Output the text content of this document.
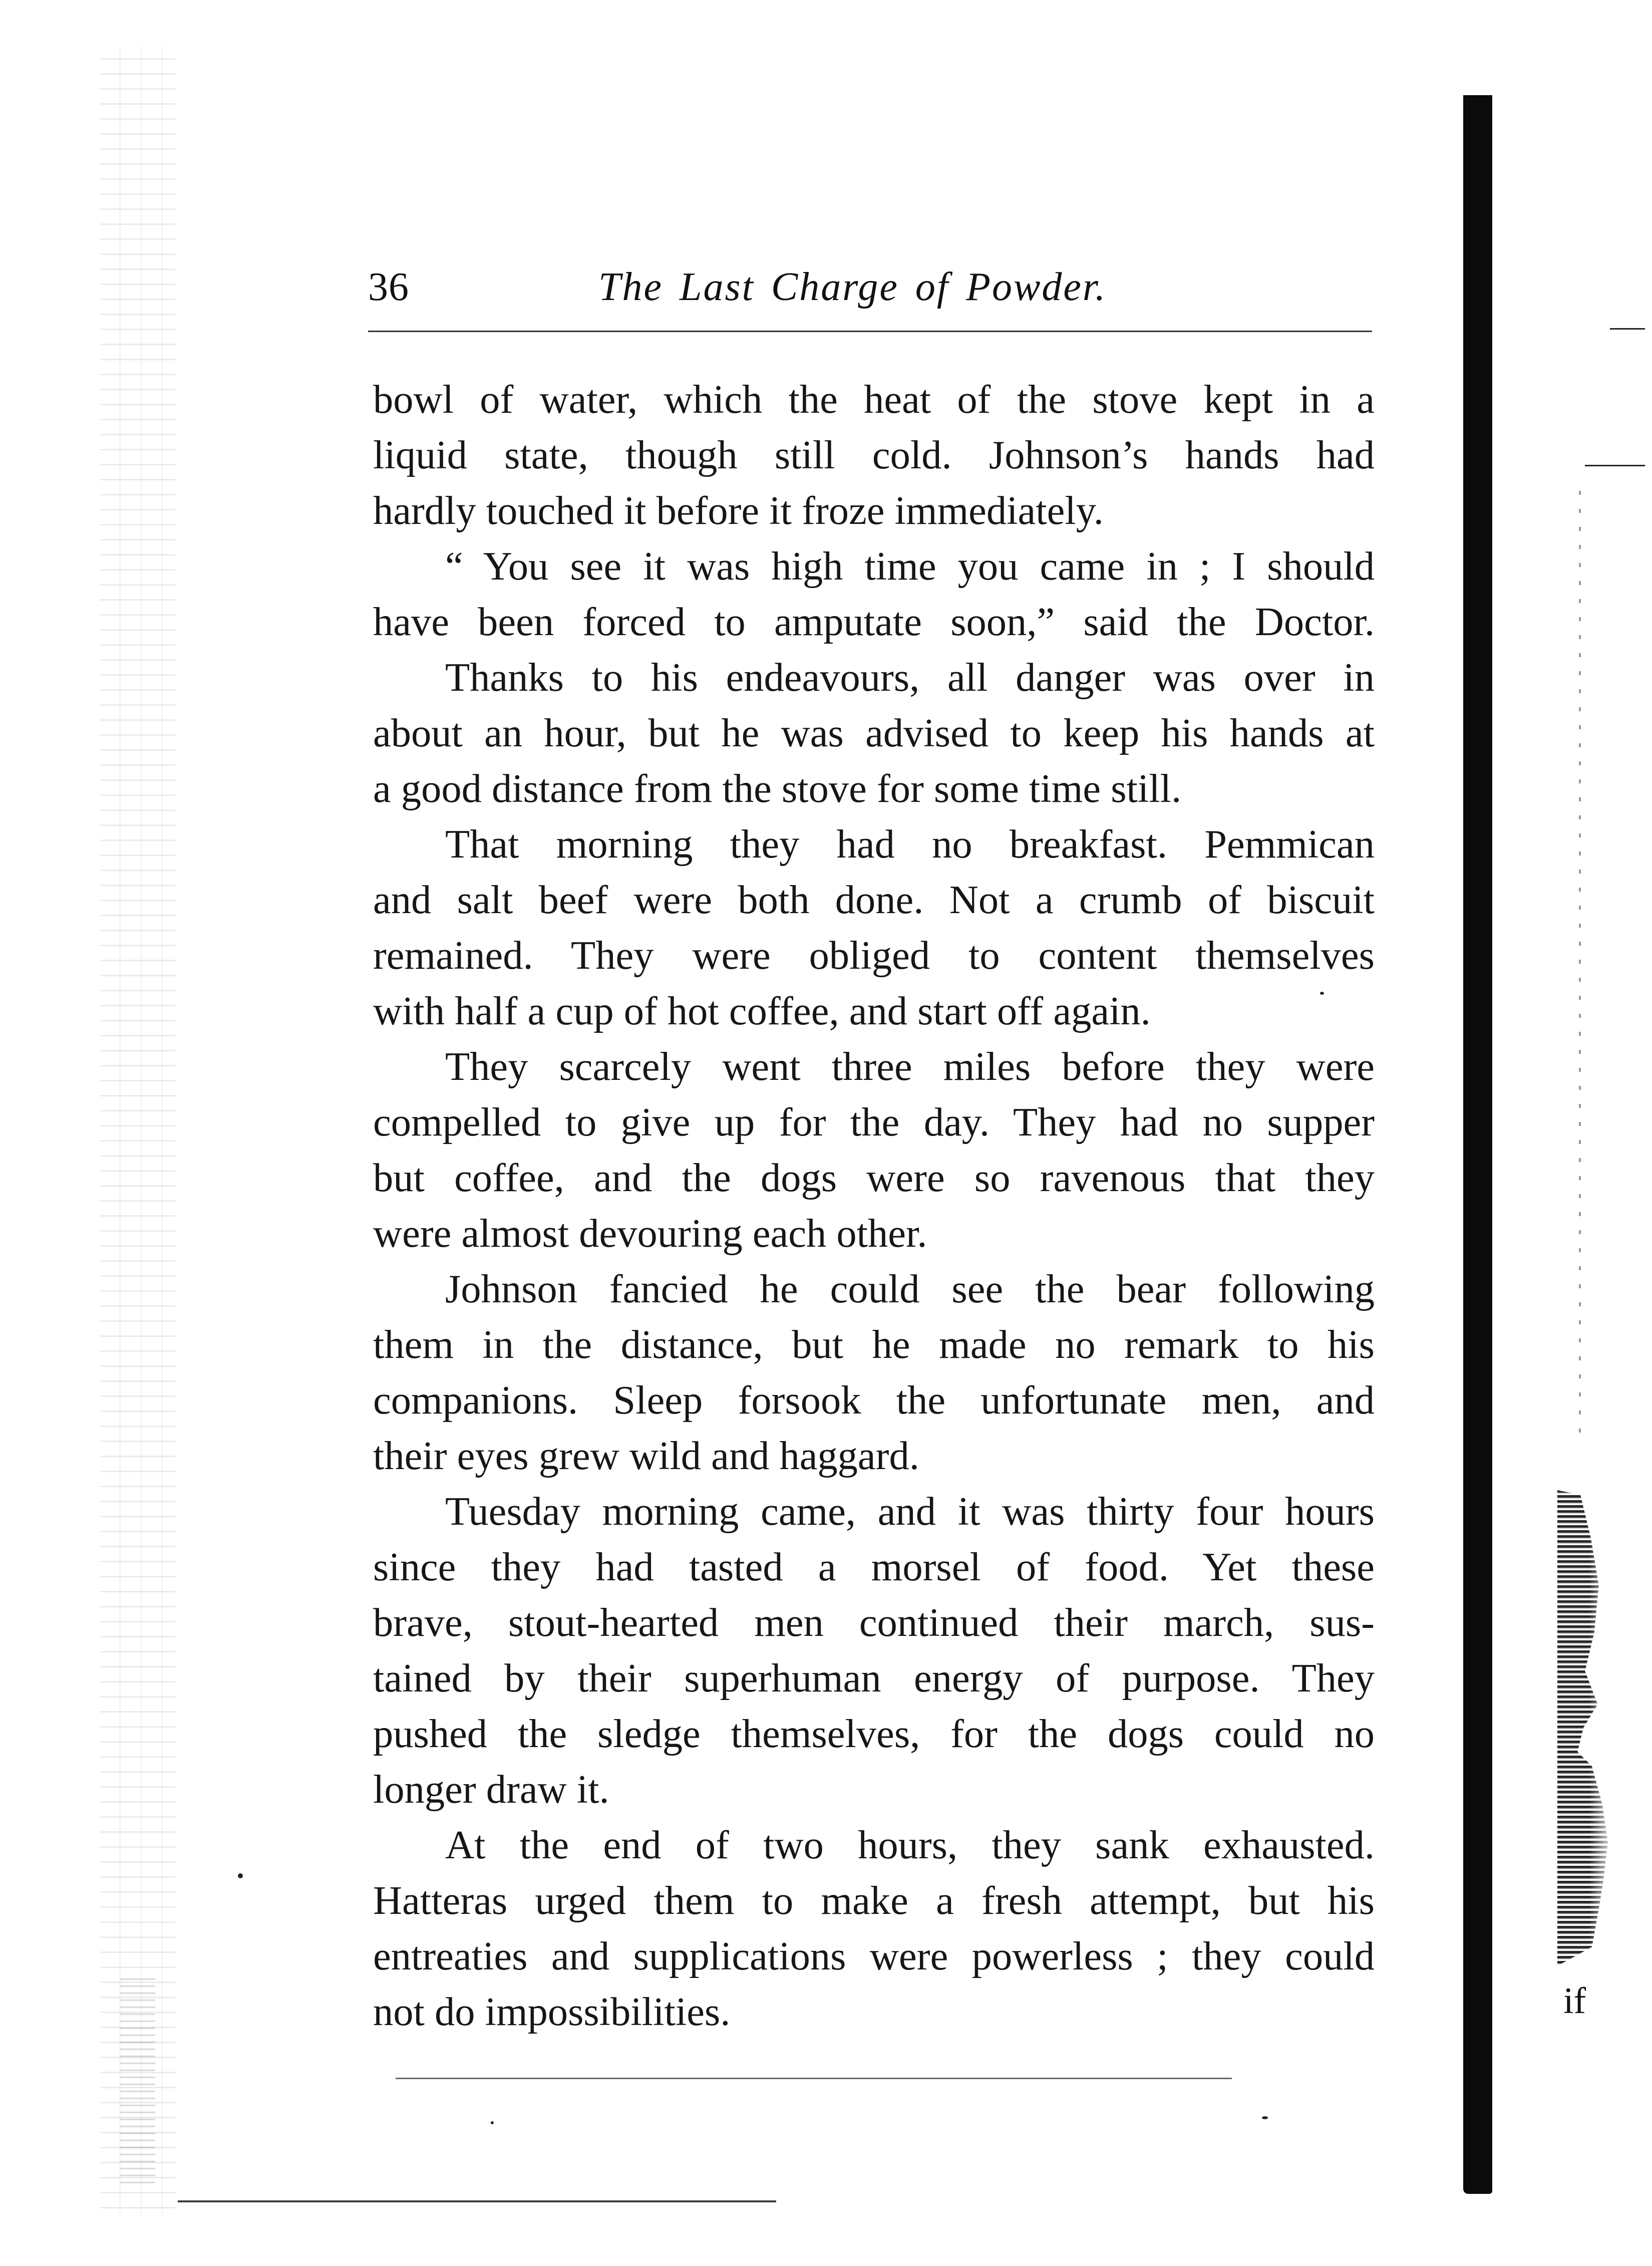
36	The Last Charge of Powder.

bowl of water, which the heat of the stove kept in a
liquid state, though still cold. Johnson’s hands had
hardly touched it before it froze immediately.

“ You see it was high time you came in ; I should
have been forced to amputate soon,” said the Doctor.

Thanks to his endeavours, all danger was over in
about an hour, but he was advised to keep his hands at
a good distance from the stove for some time still.

That morning they had no breakfast. Pemmican
and salt beef were both done. Not a crumb of biscuit
remained. They were obliged to content themselves
with half a cup of hot coffee, and start off again.

They scarcely went three miles before they were
compelled to give up for the day. They had no supper
but coffee, and the dogs were so ravenous that they
were almost devouring each other.

Johnson fancied he could see the bear following
them in the distance, but he made no remark to his
companions. Sleep forsook the unfortunate men, and
their eyes grew wild and haggard.

Tuesday morning came, and it was thirty four hours
since they had tasted a morsel of food. Yet these
brave, stout-hearted men continued their march, sus-
tained by their superhuman energy of purpose. They
pushed the sledge themselves, for the dogs could no
longer draw it.

At the end of two hours, they sank exhausted.
Hatteras urged them to make a fresh attempt, but his
entreaties and supplications were powerless ; they could
not do impossibilities.	if
